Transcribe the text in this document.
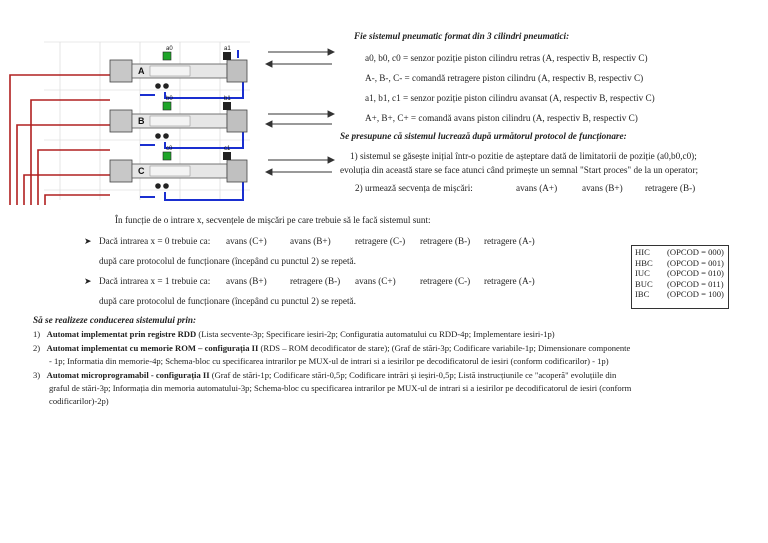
A
a0	a1
B
b0	b1
C
c0	c1
Fie sistemul pneumatic format din 3 cilindri pneumatici:
a0, b0, c0 = senzor poziție piston cilindru retras (A, respectiv B, respectiv C)
A-, B-, C- = comandă retragere piston cilindru (A, respectiv B, respectiv C)
a1, b1, c1 = senzor poziție piston cilindru avansat (A, respectiv B, respectiv C)
A+, B+, C+ = comandă avans piston cilindru (A, respectiv B, respectiv C)
Se presupune că sistemul lucrează după următorul protocol de funcționare:
1) sistemul se găsește inițial într-o pozitie de așteptare dată de limitatorii de poziție (a0,b0,c0);
evoluția din această stare se face atunci când primește un semnal "Start proces" de la un operator;
2) urmează secvența de mișcări:	avans (A+)	avans (B+) retragere (B-)
În funcție de o intrare x, secvențele de mișcări pe care trebuie să le facă sistemul sunt:
➤ Dacă intrarea x = 0 trebuie ca: avans (C+)	avans (B+)	retragere (C-) retragere (B-) retragere (A-)
după care protocolul de funcționare (începând cu punctul 2) se repetă.
➤ Dacă intrarea x = 1 trebuie ca: avans (B+)	retragere (B-) avans (C+)	retragere (C-) retragere (A-)
după care protocolul de funcționare (începând cu punctul 2) se repetă.
HIC (OPCOD = 000)
HBC (OPCOD = 001)
IUC (OPCOD = 010)
BUC (OPCOD = 011)
IBC (OPCOD = 100)
Să se realizeze conducerea sistemului prin:
1) Automat implementat prin registre RDD (Lista secvente-3p; Specificare iesiri-2p; Configuratia automatului cu RDD-4p; Implementare iesiri-1p)
2) Automat implementat cu memorie ROM – configurația II (RDS – ROM decodificator de stare); (Graf de stări-3p; Codificare variabile-1p; Dimensionare componente
- 1p; Informatia din memorie-4p; Schema-bloc cu specificarea intrarilor pe MUX-ul de intrari si a iesirilor pe decodificatorul de iesiri (conform codificarilor) - 1p)
3) Automat microprogramabil - configurația II (Graf de stări-1p; Codificare stări-0,5p; Codificare intrări și ieșiri-0,5p; Listă instrucțiunile ce "acoperă" evoluțiile din
graful de stări-3p; Informația din memoria automatului-3p; Schema-bloc cu specificarea intrarilor pe MUX-ul de intrari si a iesirilor pe decodificatorul de iesiri (conform
codificarilor)-2p)
